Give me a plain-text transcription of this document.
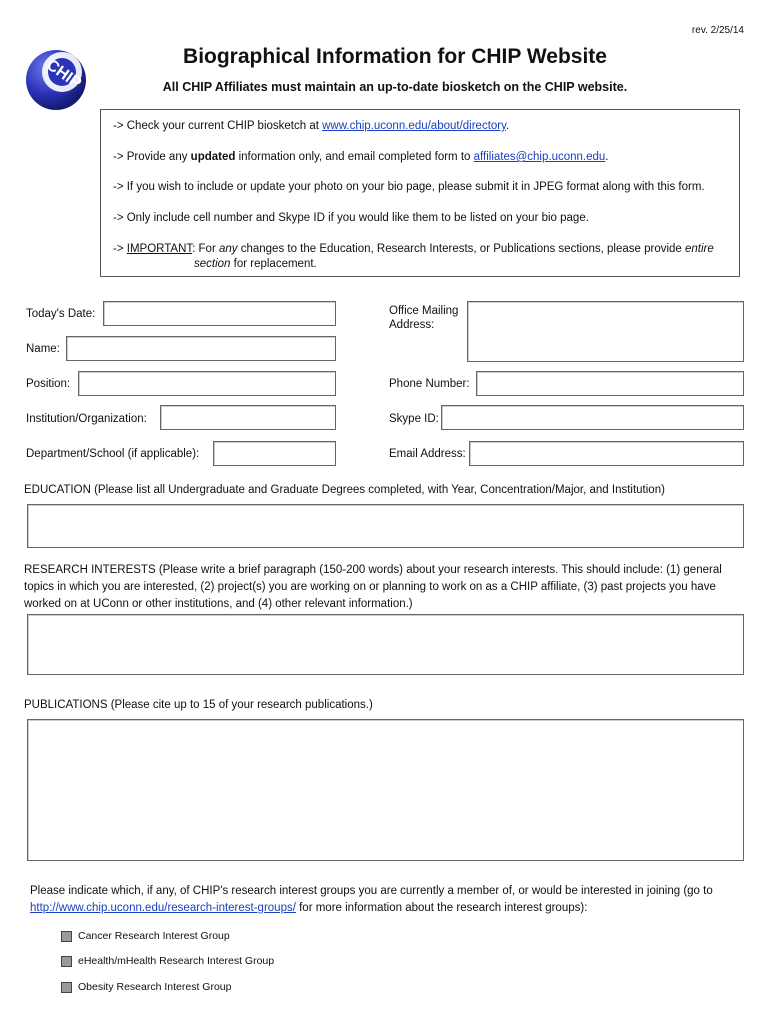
rev. 2/25/14
CHIP	Biographical Information for CHIP Website
All CHIP Affiliates must maintain an up-to-date biosketch on the CHIP website.
-> Check your current CHIP biosketch at www.chip.uconn.edu/about/directory.
-> Provide any updated information only, and email completed form to affiliates@chip.uconn.edu.
-> If you wish to include or update your photo on your bio page, please submit it in JPEG format along with this form.
-> Only include cell number and Skype ID if you would like them to be listed on your bio page.
-> IMPORTANT: For any changes to the Education, Research Interests, or Publications sections, please provide entire
section for replacement.
Today's Date:
Name:
Position:
Institution/Organization:
Department/School (if applicable):
Office Mailing
Address:
Phone Number:
Skype ID:
Email Address:
EDUCATION (Please list all Undergraduate and Graduate Degrees completed, with Year, Concentration/Major, and Institution)
RESEARCH INTERESTS (Please write a brief paragraph (150-200 words) about your research interests. This should include: (1) general topics in which you are interested, (2) project(s) you are working on or planning to work on as a CHIP affiliate, (3) past projects you have worked on at UConn or other institutions, and (4) other relevant information.)
PUBLICATIONS (Please cite up to 15 of your research publications.)
Please indicate which, if any, of CHIP's research interest groups you are currently a member of, or would be interested in joining (go to http://www.chip.uconn.edu/research-interest-groups/ for more information about the research interest groups):
Cancer Research Interest Group
eHealth/mHealth Research Interest Group
Obesity Research Interest Group
